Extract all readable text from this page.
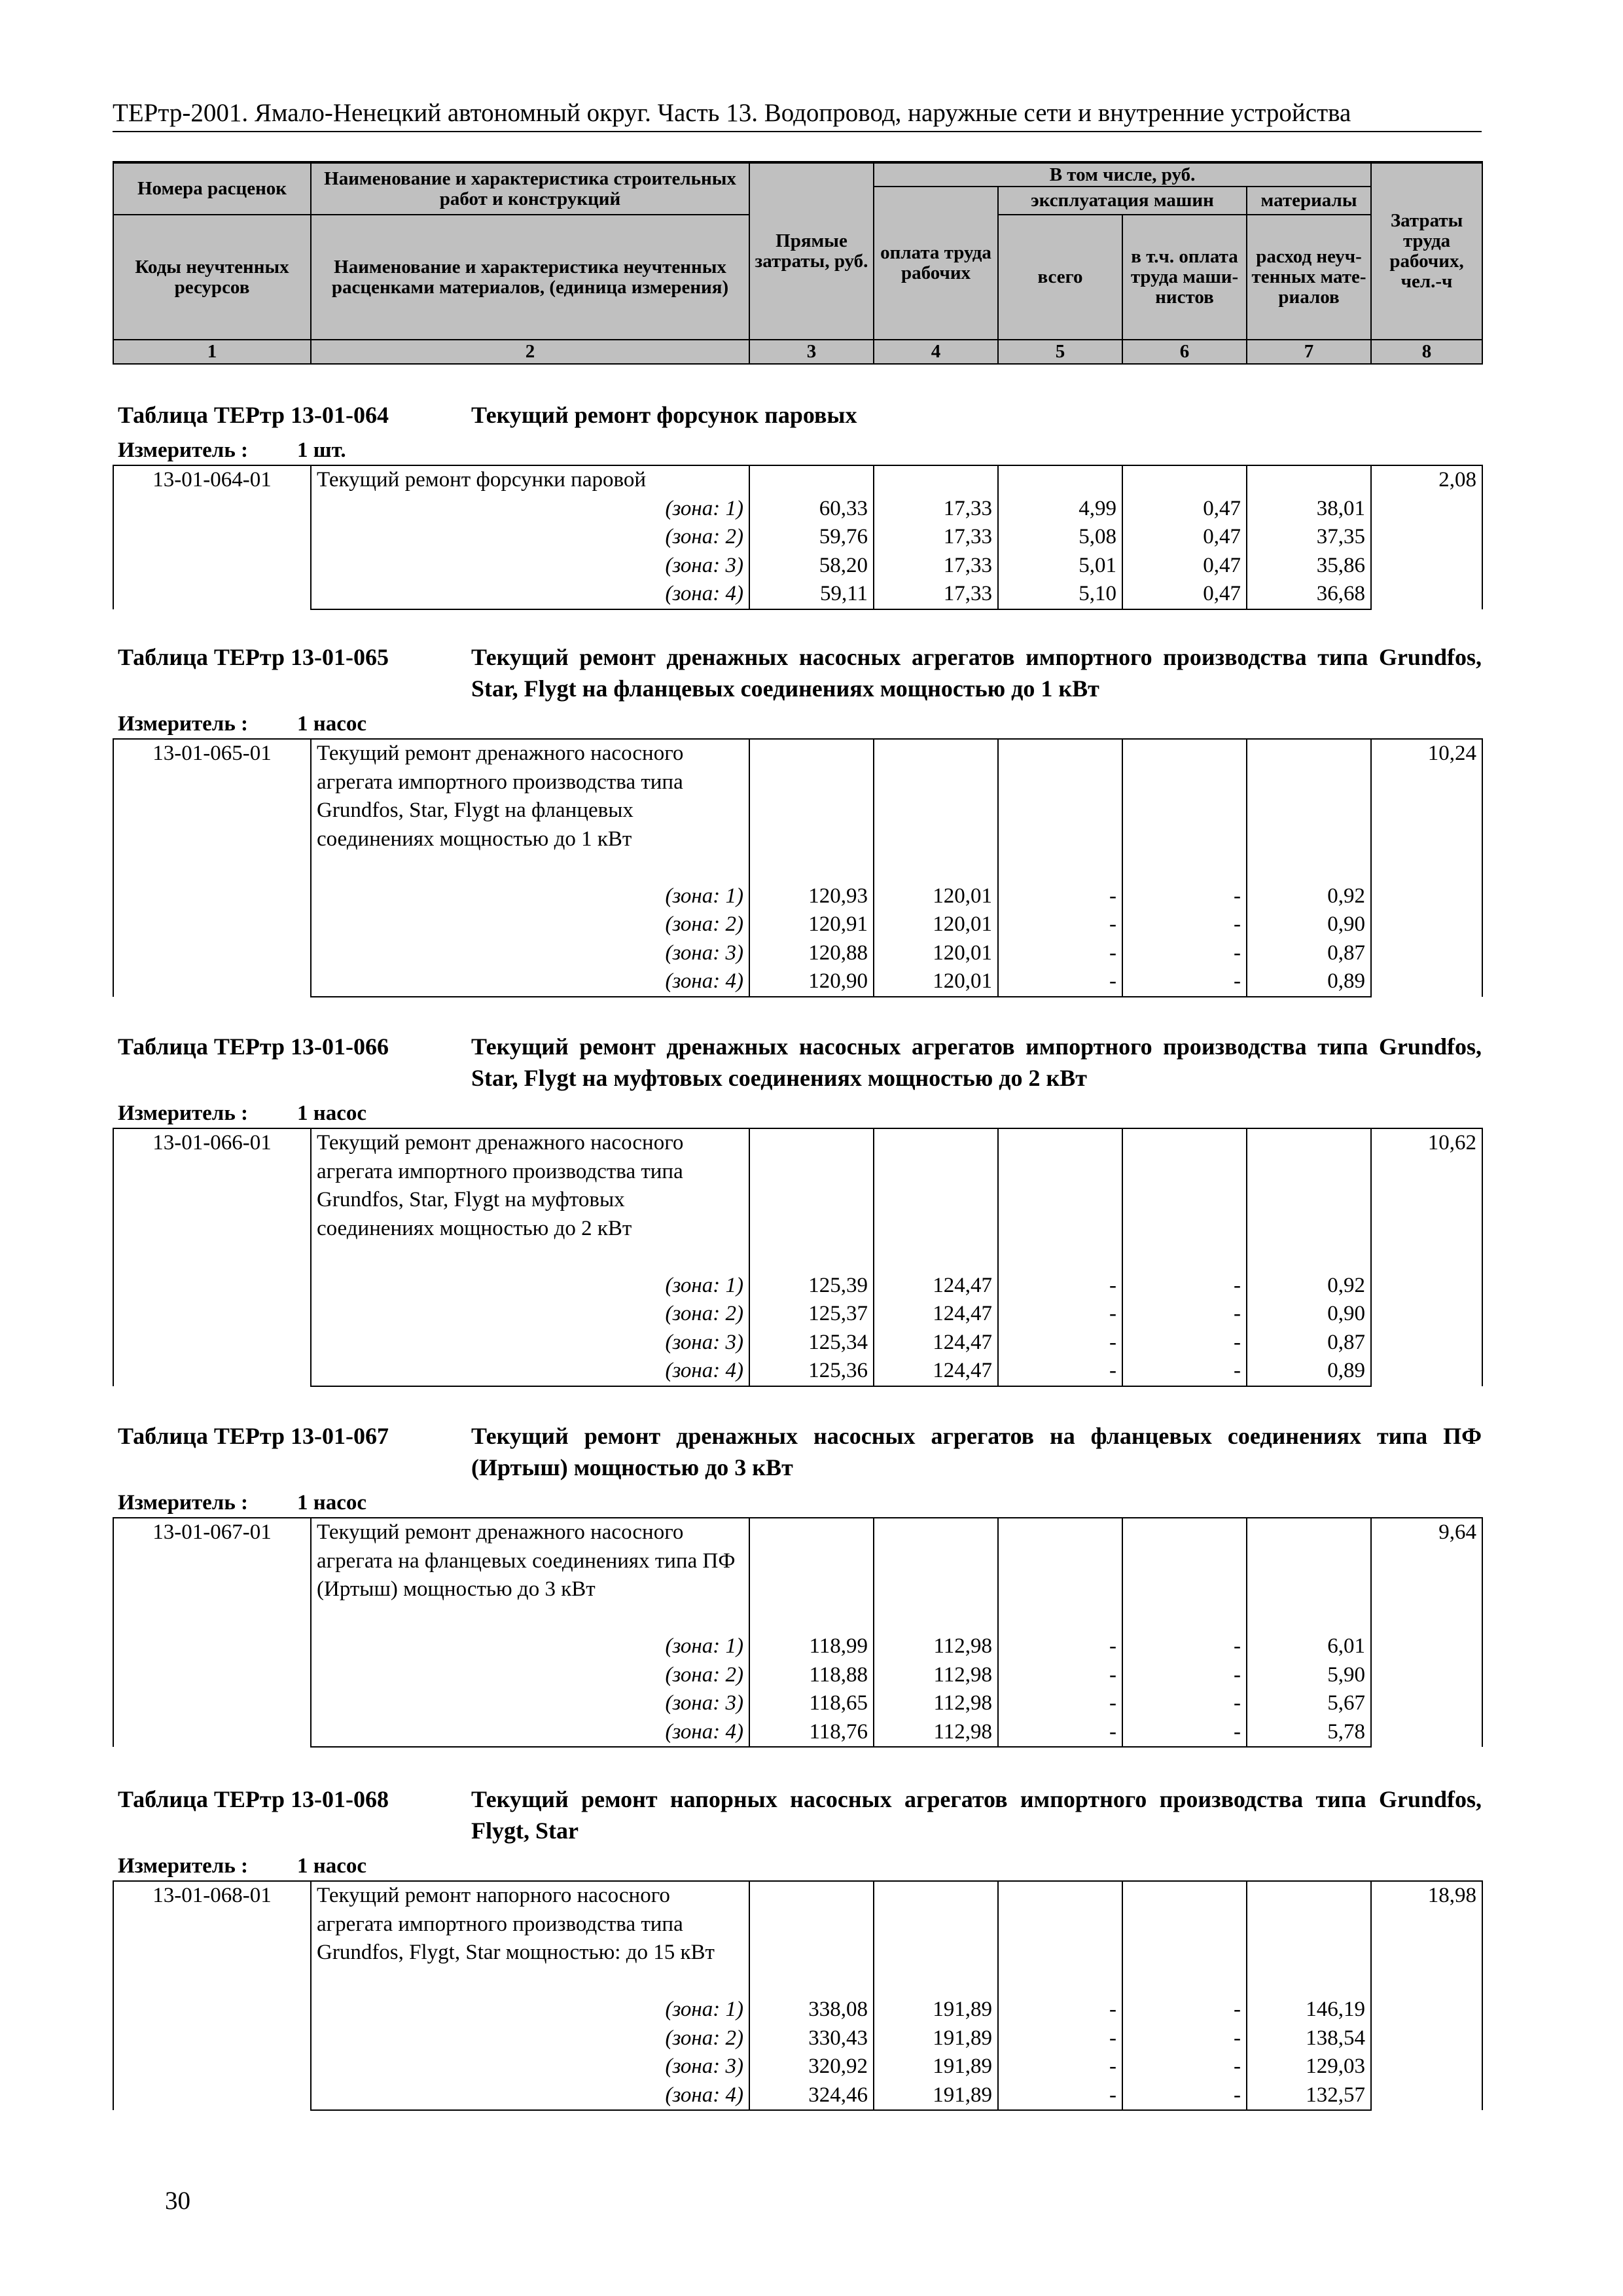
ТЕРтр-2001. Ямало-Ненецкий автономный округ. Часть 13. Водопровод, наружные сети и внутренние устройства
Номера расценок	Наименование и характеристика строительных работ и конструкций	Прямые затраты, руб.	В том числе, руб.				Затраты труда рабочих, чел.-ч
			оплата труда рабочих	эксплуатация машин		материалы	
Коды неучтенных ресурсов	Наименование и характеристика неучтенных расценками материалов, (единица измерения)			всего	в т.ч. оплата труда маши-нистов	расход неуч-тенных мате-риалов	

1	2	3	4	5	6	7	8
Таблица ТЕРтр 13-01-064	Текущий ремонт форсунок паровых
Измеритель : 1 шт.
13-01-064-01	Текущий ремонт форсунки паровой						2,08
	(зона: 1)	60,33	17,33	4,99	0,47	38,01	
	(зона: 2)	59,76	17,33	5,08	0,47	37,35	
	(зона: 3)	58,20	17,33	5,01	0,47	35,86	
	(зона: 4)	59,11	17,33	5,10	0,47	36,68	
Таблица ТЕРтр 13-01-065	Текущий ремонт дренажных насосных агрегатов импортного производства типа Grundfos, Star, Flygt на фланцевых соединениях мощностью до 1 кВт
Измеритель : 1 насос
13-01-065-01	Текущий ремонт дренажного насосного агрегата импортного производства типа Grundfos, Star, Flygt на фланцевых соединениях мощностью до 1 кВт						10,24
	(зона: 1)	120,93	120,01	-	-	0,92	
	(зона: 2)	120,91	120,01	-	-	0,90	
	(зона: 3)	120,88	120,01	-	-	0,87	
	(зона: 4)	120,90	120,01	-	-	0,89	
Таблица ТЕРтр 13-01-066	Текущий ремонт дренажных насосных агрегатов импортного производства типа Grundfos, Star, Flygt на муфтовых соединениях мощностью до 2 кВт
Измеритель : 1 насос
13-01-066-01	Текущий ремонт дренажного насосного агрегата импортного производства типа Grundfos, Star, Flygt на муфтовых соединениях мощностью до 2 кВт						10,62
	(зона: 1)	125,39	124,47	-	-	0,92	
	(зона: 2)	125,37	124,47	-	-	0,90	
	(зона: 3)	125,34	124,47	-	-	0,87	
	(зона: 4)	125,36	124,47	-	-	0,89	
Таблица ТЕРтр 13-01-067	Текущий ремонт дренажных насосных агрегатов на фланцевых соединениях типа ПФ (Иртыш) мощностью до 3 кВт
Измеритель : 1 насос
13-01-067-01	Текущий ремонт дренажного насосного агрегата на фланцевых соединениях типа ПФ (Иртыш) мощностью до 3 кВт						9,64
	(зона: 1)	118,99	112,98	-	-	6,01	
	(зона: 2)	118,88	112,98	-	-	5,90	
	(зона: 3)	118,65	112,98	-	-	5,67	
	(зона: 4)	118,76	112,98	-	-	5,78	
Таблица ТЕРтр 13-01-068	Текущий ремонт напорных насосных агрегатов импортного производства типа Grundfos, Flygt, Star
Измеритель : 1 насос
13-01-068-01	Текущий ремонт напорного насосного агрегата импортного производства типа Grundfos, Flygt, Star мощностью: до 15 кВт						18,98
	(зона: 1)	338,08	191,89	-	-	146,19	
	(зона: 2)	330,43	191,89	-	-	138,54	
	(зона: 3)	320,92	191,89	-	-	129,03	
	(зона: 4)	324,46	191,89	-	-	132,57	
30
